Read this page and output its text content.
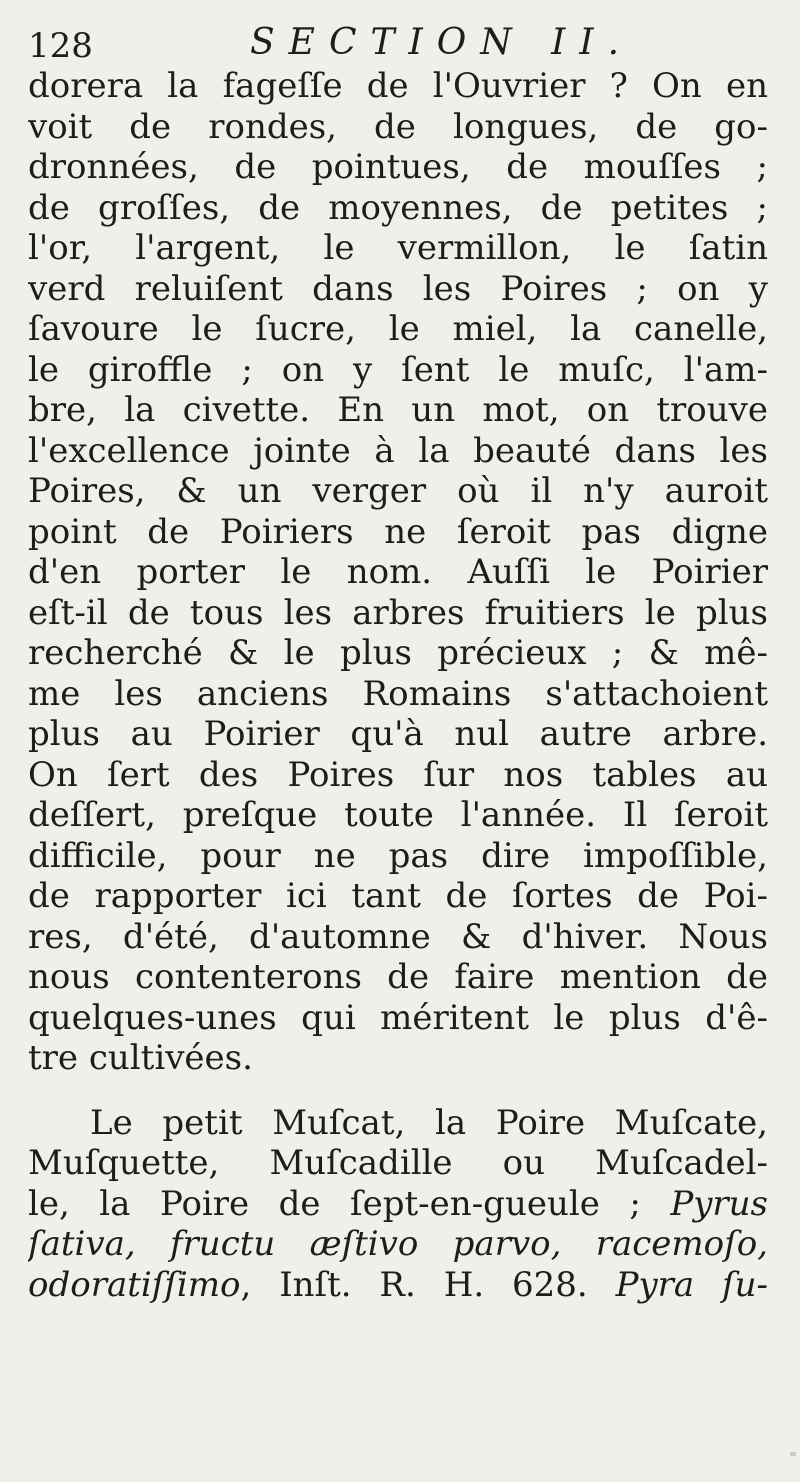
128	SECTION II.
dorera la fageſſe de l'Ouvrier ? On en
voit de rondes, de longues, de go-
dronnées, de pointues, de mouſſes ;
de groſſes, de moyennes, de petites ;
l'or, l'argent, le vermillon, le ſatin
verd reluiſent dans les Poires ; on y
ſavoure le ſucre, le miel, la canelle,
le giroffle ; on y ſent le muſc, l'am-
bre, la civette. En un mot, on trouve
l'excellence jointe à la beauté dans les
Poires, & un verger où il n'y auroit
point de Poiriers ne ſeroit pas digne
d'en porter le nom. Auſſi le Poirier
eſt-il de tous les arbres fruitiers le plus
recherché & le plus précieux ; & mê-
me les anciens Romains s'attachoient
plus au Poirier qu'à nul autre arbre.
On ſert des Poires ſur nos tables au
deſſert, preſque toute l'année. Il ſeroit
difficile, pour ne pas dire impoſſible,
de rapporter ici tant de ſortes de Poi-
res, d'été, d'automne & d'hiver. Nous
nous contenterons de faire mention de
quelques-unes qui méritent le plus d'ê-
tre cultivées.
Le petit Muſcat, la Poire Muſcate,
Muſquette, Muſcadille ou Muſcadel-
le, la Poire de ſept-en-gueule ; Pyrus
ſativa, fructu æſtivo parvo, racemoſo,
odoratiſſimo, Inſt. R. H. 628. Pyra ſu-
